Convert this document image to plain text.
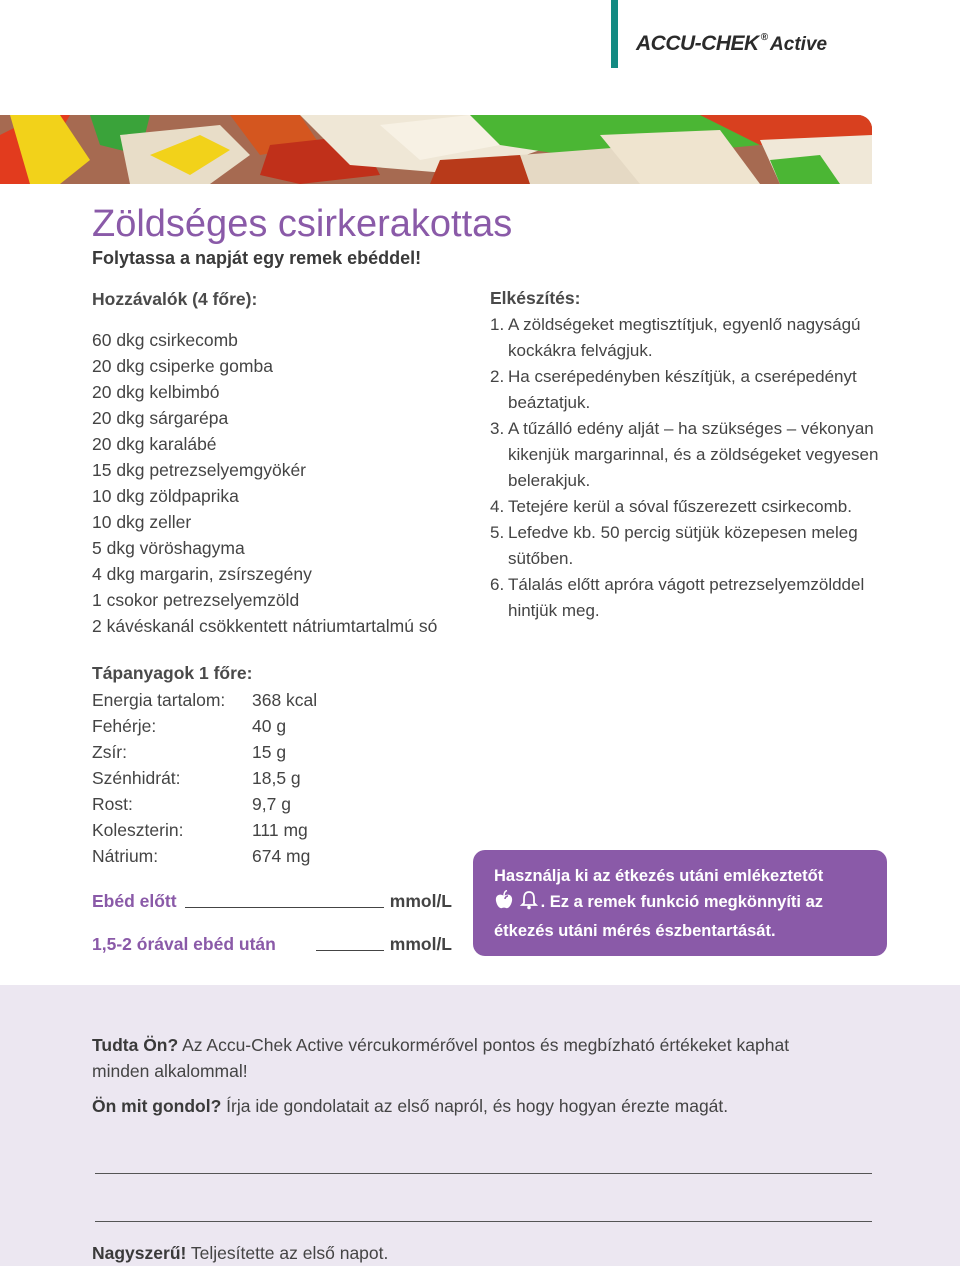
ACCU-CHEK ® Active
Zöldséges csirkerakottas
Folytassa a napját egy remek ebéddel!
Hozzávalók (4 főre):
60 dkg csirkecomb
20 dkg csiperke gomba
20 dkg kelbimbó
20 dkg sárgarépa
20 dkg karalábé
15 dkg petrezselyemgyökér
10 dkg zöldpaprika
10 dkg zeller
5 dkg vöröshagyma
4 dkg margarin, zsírszegény
1 csokor petrezselyemzöld
2 kávéskanál csökkentett nátriumtartalmú só
Elkészítés:
1. A zöldségeket megtisztítjuk, egyenlő nagyságú kockákra felvágjuk.
2. Ha cserépedényben készítjük, a cserépedényt beáztatjuk.
3. A tűzálló edény alját – ha szükséges – vékonyan kikenjük margarinnal, és a zöldségeket vegyesen belerakjuk.
4. Tetejére kerül a sóval fűszerezett csirkecomb.
5. Lefedve kb. 50 percig sütjük közepesen meleg sütőben.
6. Tálalás előtt apróra vágott petrezselyemzölddel hintjük meg.
Tápanyagok 1 főre:
Energia tartalom:	368 kcal
Fehérje:	40 g
Zsír:	15 g
Szénhidrát:	18,5 g
Rost:	9,7 g
Koleszterin:	111 mg
Nátrium:	674 mg
Ebéd előtt	mmol/L
1,5-2 órával ebéd után	mmol/L
Használja ki az étkezés utáni emlékeztetőt
. Ez a remek funkció megkönnyíti az
étkezés utáni mérés észbentartását.

Tudta Ön? Az Accu-Chek Active vércukormérővel pontos és megbízható értékeket kaphat minden alkalommal!

Ön mit gondol? Írja ide gondolatait az első napról, és hogy hogyan érezte magát.

Nagyszerű! Teljesítette az első napot.
